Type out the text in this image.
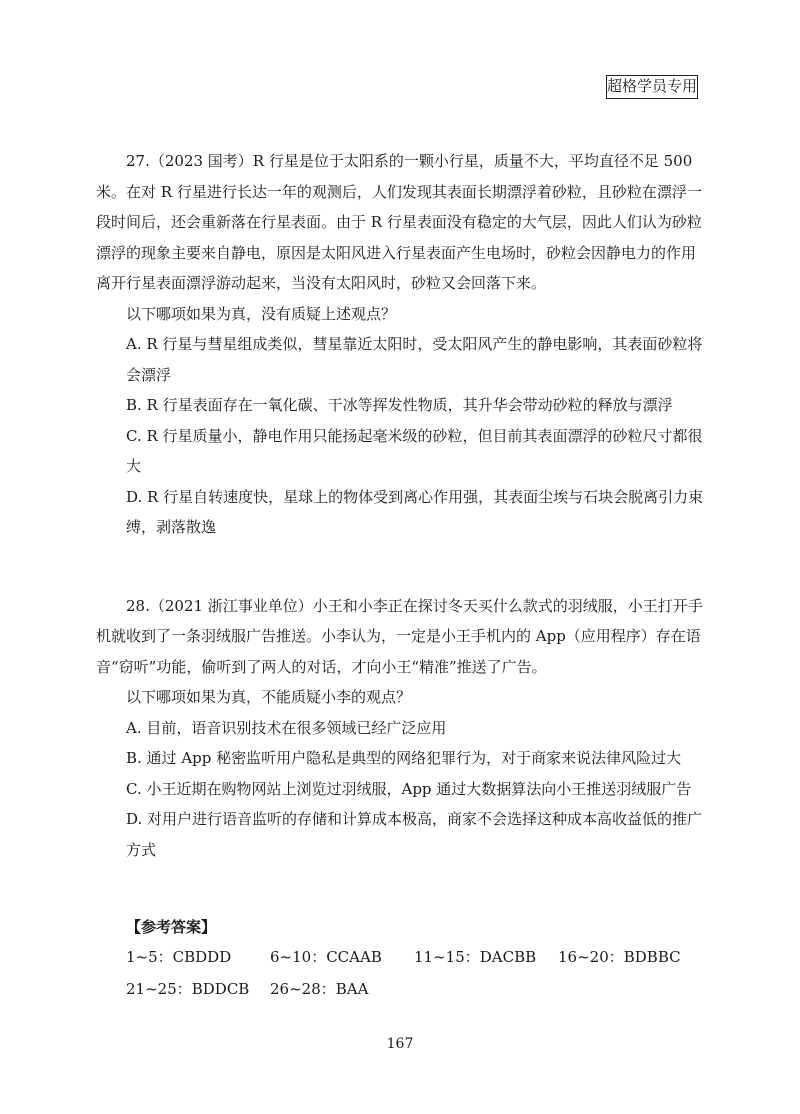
超格学员专用

27.（2023 国考）R 行星是位于太阳系的一颗小行星，质量不大，平均直径不足 500 米。在对 R 行星进行长达一年的观测后，人们发现其表面长期漂浮着砂粒，且砂粒在漂浮一段时间后，还会重新落在行星表面。由于 R 行星表面没有稳定的大气层，因此人们认为砂粒漂浮的现象主要来自静电，原因是太阳风进入行星表面产生电场时，砂粒会因静电力的作用离开行星表面漂浮游动起来，当没有太阳风时，砂粒又会回落下来。

以下哪项如果为真，没有质疑上述观点？

A. R 行星与彗星组成类似，彗星靠近太阳时，受太阳风产生的静电影响，其表面砂粒将会漂浮

B. R 行星表面存在一氧化碳、干冰等挥发性物质，其升华会带动砂粒的释放与漂浮

C. R 行星质量小，静电作用只能扬起毫米级的砂粒，但目前其表面漂浮的砂粒尺寸都很大

D. R 行星自转速度快，星球上的物体受到离心作用强，其表面尘埃与石块会脱离引力束缚，剥落散逸

28.（2021 浙江事业单位）小王和小李正在探讨冬天买什么款式的羽绒服，小王打开手机就收到了一条羽绒服广告推送。小李认为，一定是小王手机内的 App（应用程序）存在语音“窃听”功能，偷听到了两人的对话，才向小王“精准”推送了广告。

以下哪项如果为真，不能质疑小李的观点？

A. 目前，语音识别技术在很多领域已经广泛应用

B. 通过 App 秘密监听用户隐私是典型的网络犯罪行为，对于商家来说法律风险过大

C. 小王近期在购物网站上浏览过羽绒服，App 通过大数据算法向小王推送羽绒服广告

D. 对用户进行语音监听的存储和计算成本极高，商家不会选择这种成本高收益低的推广方式

【参考答案】

1~5：CBDDD	6~10：CCAAB 11~15：DACBB 16~20：BDBBC
21~25：BDDCB 26~28：BAA
167
